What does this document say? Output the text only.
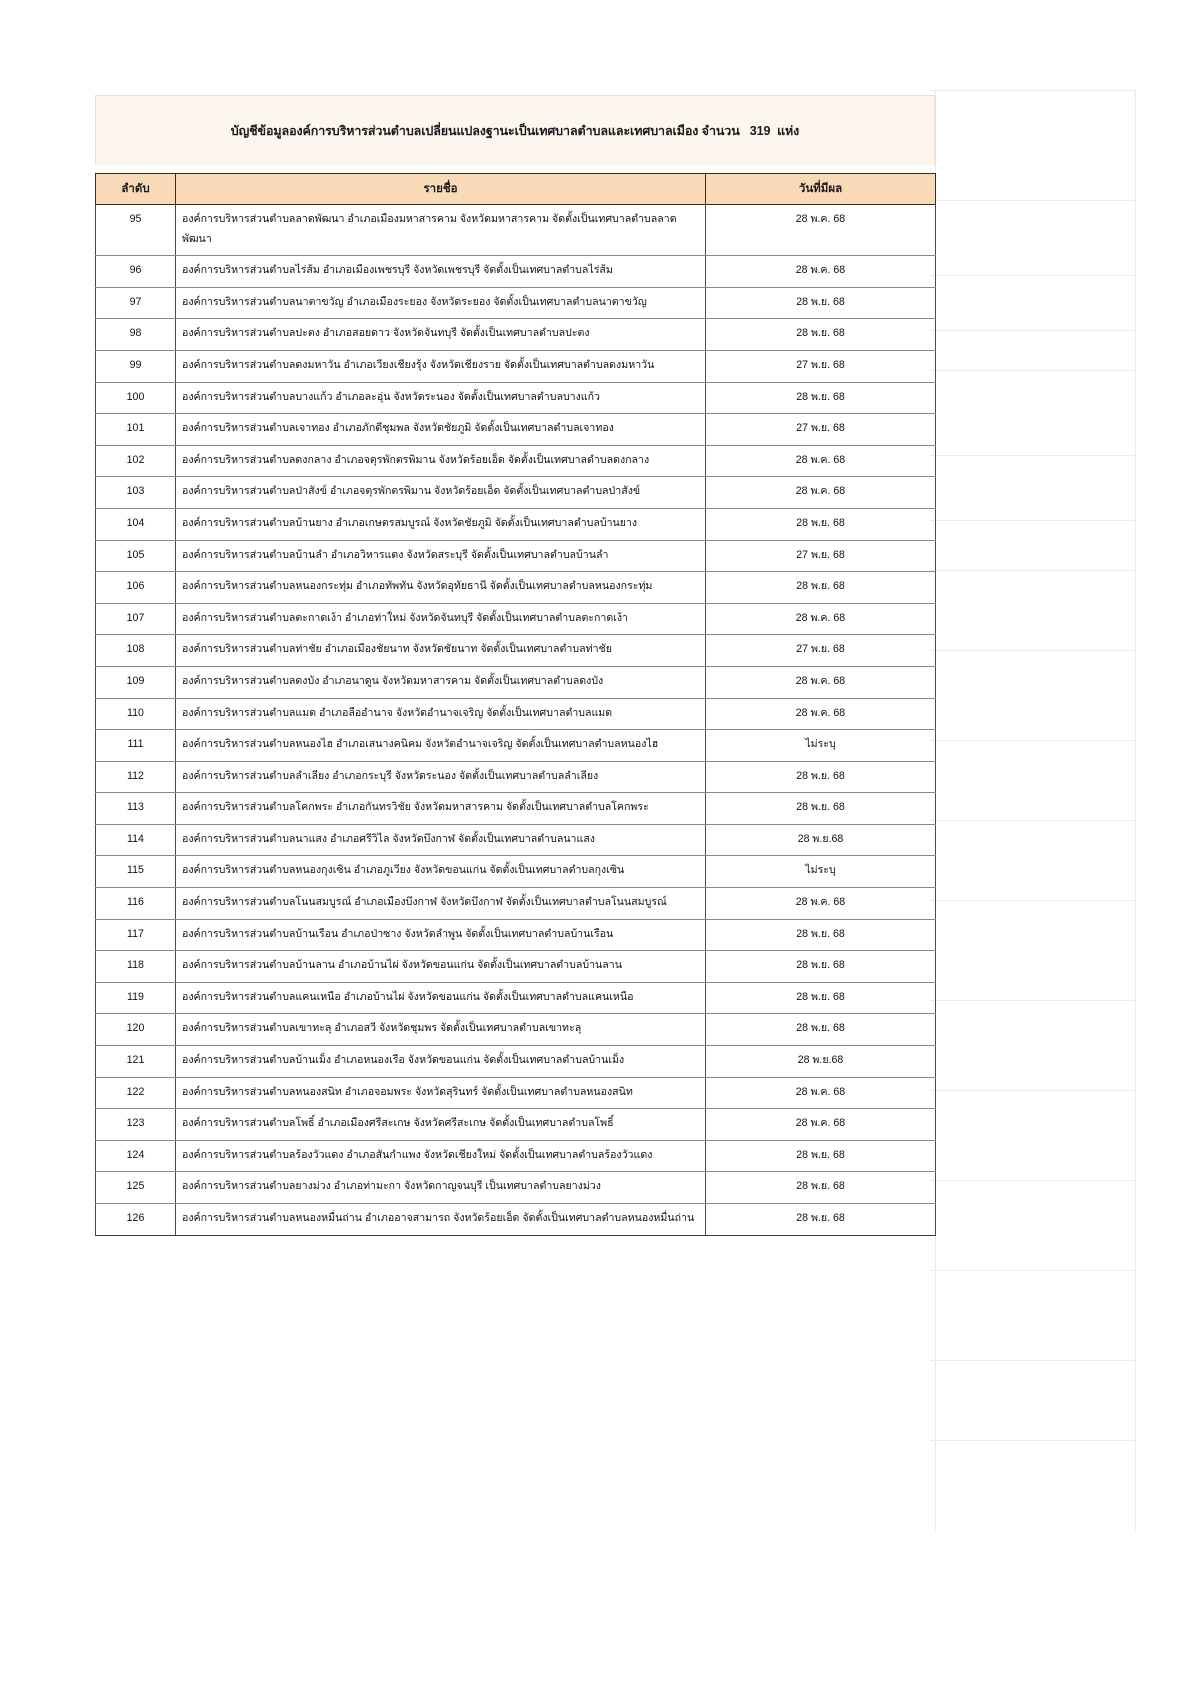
บัญชีข้อมูลองค์การบริหารส่วนตำบลเปลี่ยนแปลงฐานะเป็นเทศบาลตำบลและเทศบาลเมือง จำนวน   319  แห่ง
ลำดับ	รายชื่อ	วันที่มีผล
95	องค์การบริหารส่วนตำบลลาดพัฒนา อำเภอเมืองมหาสารคาม จังหวัดมหาสารคาม จัดตั้งเป็นเทศบาลตำบลลาดพัฒนา	28 พ.ค. 68
96	องค์การบริหารส่วนตำบลไร่ส้ม อำเภอเมืองเพชรบุรี จังหวัดเพชรบุรี จัดตั้งเป็นเทศบาลตำบลไร่ส้ม	28 พ.ค. 68
97	องค์การบริหารส่วนตำบลนาตาขวัญ อำเภอเมืองระยอง จังหวัดระยอง จัดตั้งเป็นเทศบาลตำบลนาตาขวัญ	28 พ.ย. 68
98	องค์การบริหารส่วนตำบลปะตง อำเภอสอยดาว จังหวัดจันทบุรี จัดตั้งเป็นเทศบาลตำบลปะตง	28 พ.ย. 68
99	องค์การบริหารส่วนตำบลดงมหาวัน อำเภอเวียงเชียงรุ้ง จังหวัดเชียงราย จัดตั้งเป็นเทศบาลตำบลดงมหาวัน	27 พ.ย. 68
100	องค์การบริหารส่วนตำบลบางแก้ว อำเภอละอุ่น จังหวัดระนอง จัดตั้งเป็นเทศบาลตำบลบางแก้ว	28 พ.ย. 68
101	องค์การบริหารส่วนตำบลเจาทอง อำเภอภักดีชุมพล จังหวัดชัยภูมิ จัดตั้งเป็นเทศบาลตำบลเจาทอง	27 พ.ย. 68
102	องค์การบริหารส่วนตำบลดงกลาง อำเภอจตุรพักตรพิมาน จังหวัดร้อยเอ็ด จัดตั้งเป็นเทศบาลตำบลดงกลาง	28 พ.ค. 68
103	องค์การบริหารส่วนตำบลป่าสังข์ อำเภอจตุรพักตรพิมาน จังหวัดร้อยเอ็ด จัดตั้งเป็นเทศบาลตำบลป่าสังข์	28 พ.ค. 68
104	องค์การบริหารส่วนตำบลบ้านยาง อำเภอเกษตรสมบูรณ์ จังหวัดชัยภูมิ จัดตั้งเป็นเทศบาลตำบลบ้านยาง	28 พ.ย. 68
105	องค์การบริหารส่วนตำบลบ้านลำ อำเภอวิหารแดง จังหวัดสระบุรี จัดตั้งเป็นเทศบาลตำบลบ้านลำ	27 พ.ย. 68
106	องค์การบริหารส่วนตำบลหนองกระทุ่ม อำเภอทัพทัน จังหวัดอุทัยธานี จัดตั้งเป็นเทศบาลตำบลหนองกระทุ่ม	28 พ.ย. 68
107	องค์การบริหารส่วนตำบลตะกาดเง้า อำเภอท่าใหม่ จังหวัดจันทบุรี จัดตั้งเป็นเทศบาลตำบลตะกาดเง้า	28 พ.ค. 68
108	องค์การบริหารส่วนตำบลท่าชัย อำเภอเมืองชัยนาท จังหวัดชัยนาท จัดตั้งเป็นเทศบาลตำบลท่าชัย	27 พ.ย. 68
109	องค์การบริหารส่วนตำบลดงบัง อำเภอนาดูน จังหวัดมหาสารคาม จัดตั้งเป็นเทศบาลตำบลดงบัง	28 พ.ค. 68
110	องค์การบริหารส่วนตำบลแมด อำเภอลืออำนาจ จังหวัดอำนาจเจริญ จัดตั้งเป็นเทศบาลตำบลแมด	28 พ.ค. 68
111	องค์การบริหารส่วนตำบลหนองไฮ อำเภอเสนางคนิคม จังหวัดอำนาจเจริญ จัดตั้งเป็นเทศบาลตำบลหนองไฮ	ไม่ระบุ
112	องค์การบริหารส่วนตำบลลำเลียง อำเภอกระบุรี จังหวัดระนอง จัดตั้งเป็นเทศบาลตำบลลำเลียง	28 พ.ย. 68
113	องค์การบริหารส่วนตำบลโคกพระ อำเภอกันทรวิชัย จังหวัดมหาสารคาม จัดตั้งเป็นเทศบาลตำบลโคกพระ	28 พ.ย. 68
114	องค์การบริหารส่วนตำบลนาแสง อำเภอศรีวิไล จังหวัดบึงกาฬ จัดตั้งเป็นเทศบาลตำบลนาแสง	28 พ.ย.68
115	องค์การบริหารส่วนตำบลหนองกุงเซิน อำเภอภูเวียง จังหวัดขอนแก่น จัดตั้งเป็นเทศบาลตำบลกุงเซิน	ไม่ระบุ
116	องค์การบริหารส่วนตำบลโนนสมบูรณ์ อำเภอเมืองบึงกาฬ จังหวัดบึงกาฬ จัดตั้งเป็นเทศบาลตำบลโนนสมบูรณ์	28 พ.ค. 68
117	องค์การบริหารส่วนตำบลบ้านเรือน อำเภอป่าซาง จังหวัดลำพูน จัดตั้งเป็นเทศบาลตำบลบ้านเรือน	28 พ.ย. 68
118	องค์การบริหารส่วนตำบลบ้านลาน อำเภอบ้านไผ่ จังหวัดขอนแก่น จัดตั้งเป็นเทศบาลตำบลบ้านลาน	28 พ.ย. 68
119	องค์การบริหารส่วนตำบลแคนเหนือ อำเภอบ้านไผ่ จังหวัดขอนแก่น จัดตั้งเป็นเทศบาลตำบลแคนเหนือ	28 พ.ย. 68
120	องค์การบริหารส่วนตำบลเขาทะลุ อำเภอสวี จังหวัดชุมพร จัดตั้งเป็นเทศบาลตำบลเขาทะลุ	28 พ.ย. 68
121	องค์การบริหารส่วนตำบลบ้านเม็ง อำเภอหนองเรือ จังหวัดขอนแก่น จัดตั้งเป็นเทศบาลตำบลบ้านเม็ง	28 พ.ย.68
122	องค์การบริหารส่วนตำบลหนองสนิท อำเภอจอมพระ จังหวัดสุรินทร์ จัดตั้งเป็นเทศบาลตำบลหนองสนิท	28 พ.ค. 68
123	องค์การบริหารส่วนตำบลโพธิ์ อำเภอเมืองศรีสะเกษ จังหวัดศรีสะเกษ จัดตั้งเป็นเทศบาลตำบลโพธิ์	28 พ.ค. 68
124	องค์การบริหารส่วนตำบลร้องวัวแดง อำเภอสันกำแพง จังหวัดเชียงใหม่ จัดตั้งเป็นเทศบาลตำบลร้องวัวแดง	28 พ.ย. 68
125	องค์การบริหารส่วนตำบลยางม่วง อำเภอท่ามะกา จังหวัดกาญจนบุรี เป็นเทศบาลตำบลยางม่วง	28 พ.ย. 68
126	องค์การบริหารส่วนตำบลหนองหมื่นถ่าน อำเภออาจสามารถ จังหวัดร้อยเอ็ด จัดตั้งเป็นเทศบาลตำบลหนองหมื่นถ่าน	28 พ.ย. 68
